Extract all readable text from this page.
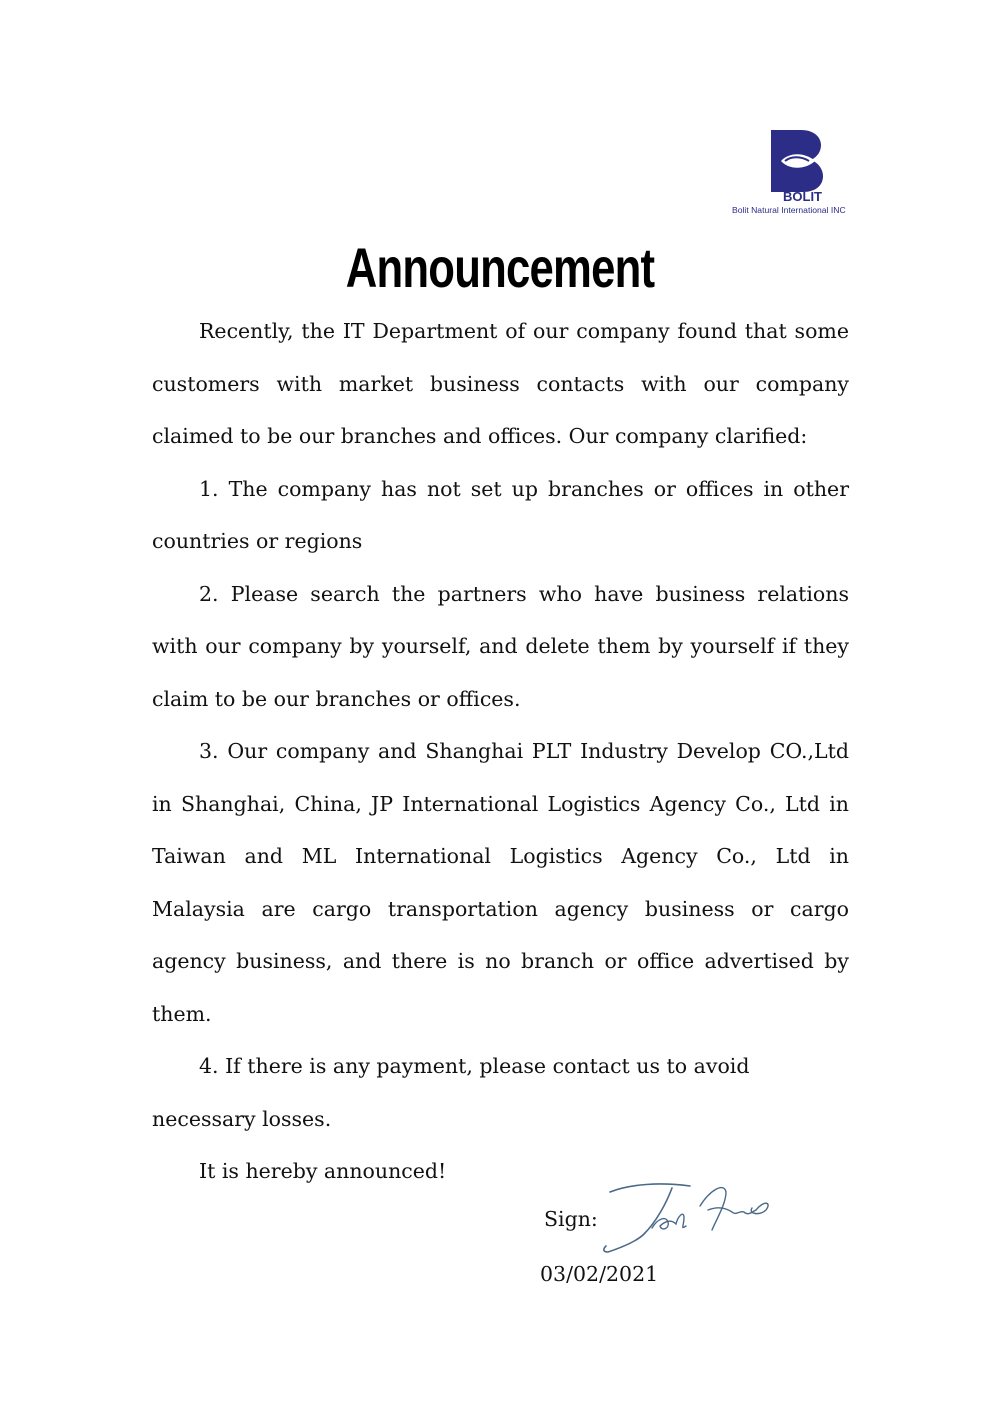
BOLIT
Bolit Natural International INC
Announcement

Recently, the IT Department of our company found that some customers with market business contacts with our company claimed to be our branches and offices. Our company clarified:

1. The company has not set up branches or offices in other countries or regions

2. Please search the partners who have business relations with our company by yourself, and delete them by yourself if they claim to be our branches or offices.

3. Our company and Shanghai PLT Industry Develop CO.,Ltd in Shanghai, China, JP International Logistics Agency Co., Ltd in Taiwan and ML International Logistics Agency Co., Ltd in Malaysia are cargo transportation agency business or cargo agency business, and there is no branch or office advertised by them.

4. If there is any payment, please contact us to avoid necessary losses.

It is hereby announced!

Sign:
03/02/2021
